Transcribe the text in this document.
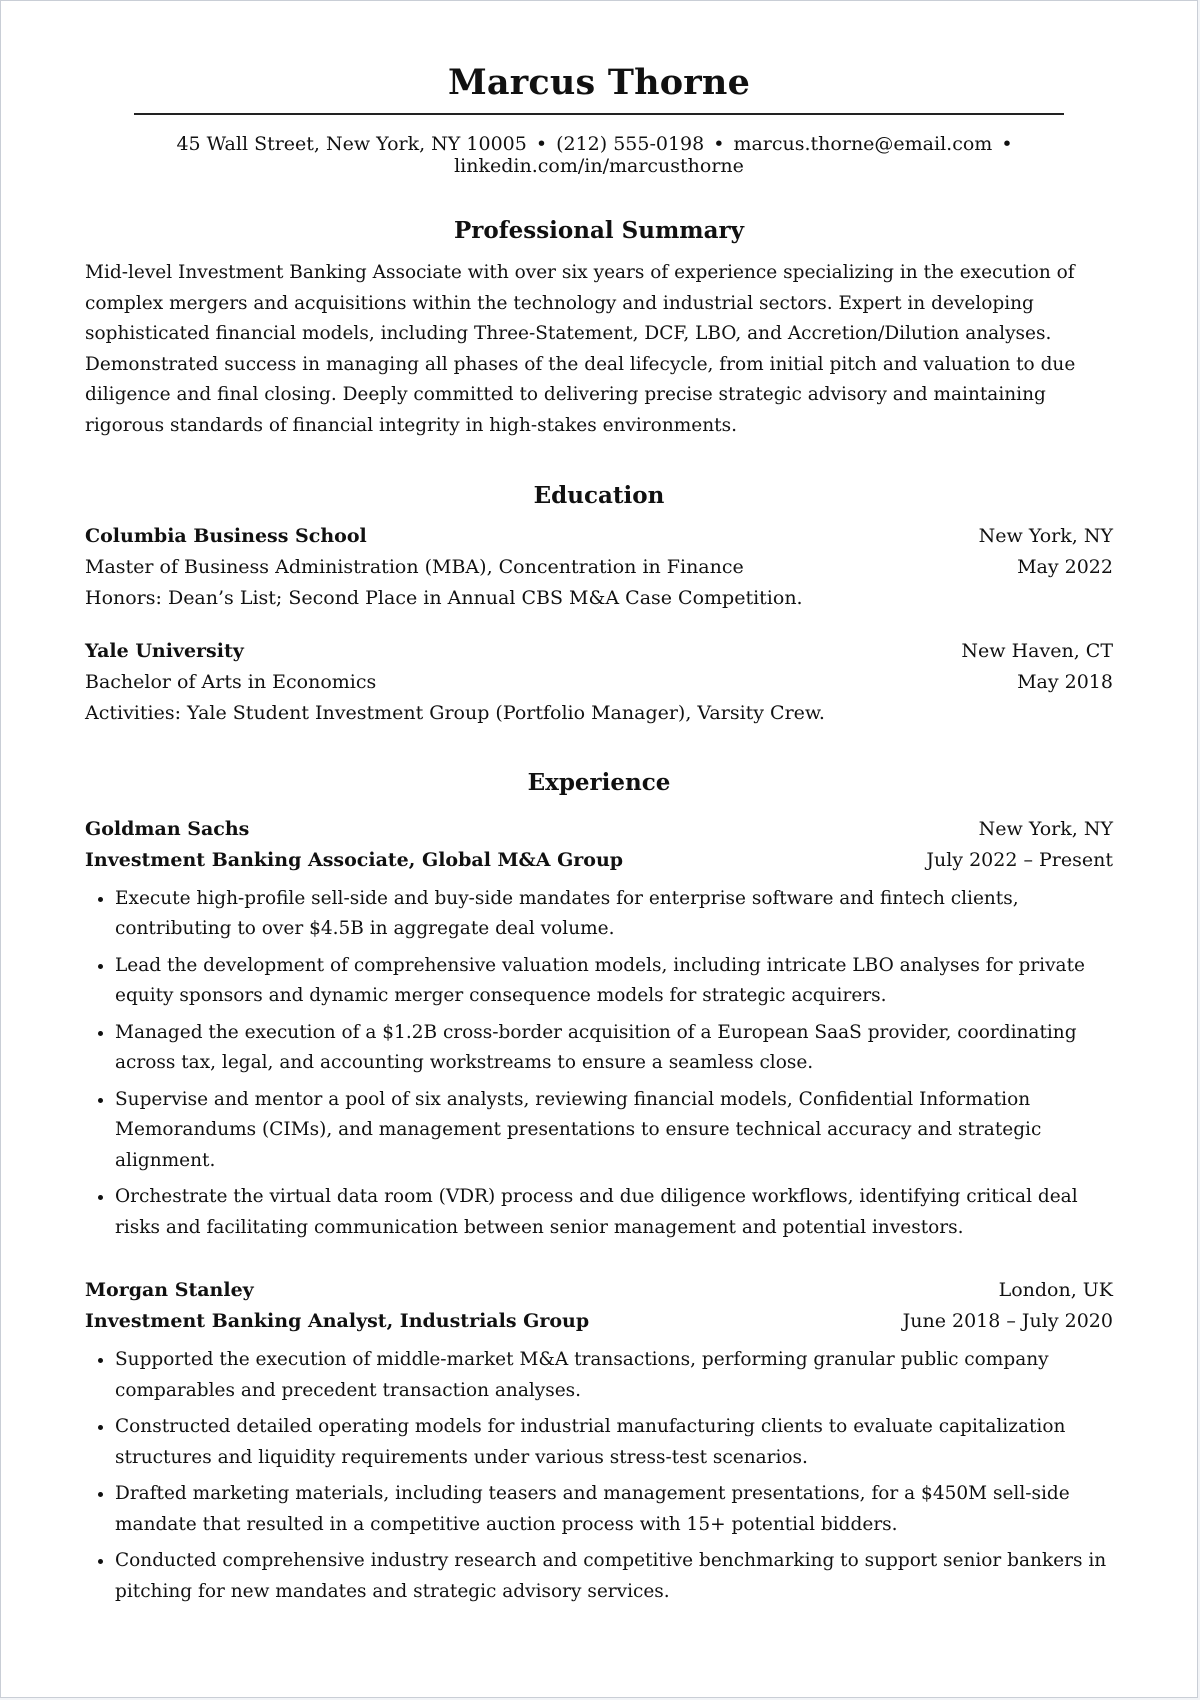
Marcus Thorne
45 Wall Street, New York, NY 10005 • (212) 555-0198 • marcus.thorne@email.com •
linkedin.com/in/marcusthorne
Professional Summary

Mid-level Investment Banking Associate with over six years of experience specializing in the execution of complex mergers and acquisitions within the technology and industrial sectors. Expert in developing sophisticated financial models, including Three-Statement, DCF, LBO, and Accretion/Dilution analyses. Demonstrated success in managing all phases of the deal lifecycle, from initial pitch and valuation to due diligence and final closing. Deeply committed to delivering precise strategic advisory and maintaining rigorous standards of financial integrity in high-stakes environments.

Education
Columbia Business School	New York, NY
Master of Business Administration (MBA), Concentration in Finance	May 2022
Honors: Dean’s List; Second Place in Annual CBS M&A Case Competition.
Yale University	New Haven, CT
Bachelor of Arts in Economics	May 2018
Activities: Yale Student Investment Group (Portfolio Manager), Varsity Crew.
Experience
Goldman Sachs	New York, NY
Investment Banking Associate, Global M&A Group	July 2022 – Present
• Execute high-profile sell-side and buy-side mandates for enterprise software and fintech clients, contributing to over $4.5B in aggregate deal volume.
• Lead the development of comprehensive valuation models, including intricate LBO analyses for private equity sponsors and dynamic merger consequence models for strategic acquirers.
• Managed the execution of a $1.2B cross-border acquisition of a European SaaS provider, coordinating across tax, legal, and accounting workstreams to ensure a seamless close.
• Supervise and mentor a pool of six analysts, reviewing financial models, Confidential Information Memorandums (CIMs), and management presentations to ensure technical accuracy and strategic alignment.
• Orchestrate the virtual data room (VDR) process and due diligence workflows, identifying critical deal risks and facilitating communication between senior management and potential investors.
Morgan Stanley	London, UK
Investment Banking Analyst, Industrials Group	June 2018 – July 2020
• Supported the execution of middle-market M&A transactions, performing granular public company comparables and precedent transaction analyses.
• Constructed detailed operating models for industrial manufacturing clients to evaluate capitalization structures and liquidity requirements under various stress-test scenarios.
• Drafted marketing materials, including teasers and management presentations, for a $450M sell-side mandate that resulted in a competitive auction process with 15+ potential bidders.
• Conducted comprehensive industry research and competitive benchmarking to support senior bankers in pitching for new mandates and strategic advisory services.
